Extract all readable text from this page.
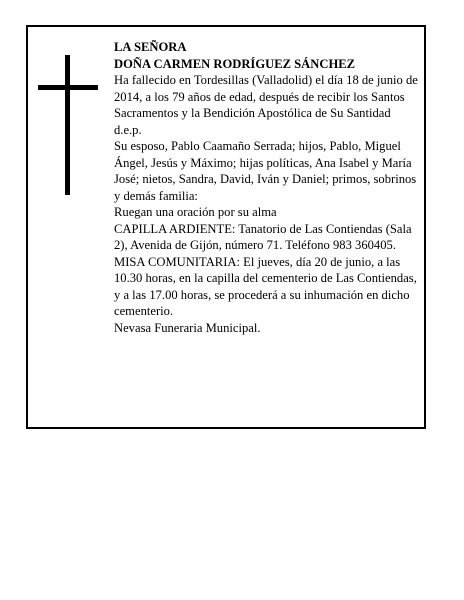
LA SEÑORA

DOÑA CARMEN RODRÍGUEZ SÁNCHEZ

Ha fallecido en Tordesillas (Valladolid) el día 18 de junio de 2014, a los 79 años de edad, después de recibir los Santos Sacramentos y la Bendición Apostólica de Su Santidad

d.e.p.

Su esposo, Pablo Caamaño Serrada; hijos, Pablo, Miguel Ángel, Jesús y Máximo; hijas políticas, Ana Isabel y María José; nietos, Sandra, David, Iván y Daniel; primos, sobrinos y demás familia:

Ruegan una oración por su alma

CAPILLA ARDIENTE: Tanatorio de Las Contiendas (Sala 2), Avenida de Gijón, número 71. Teléfono 983 360405.

MISA COMUNITARIA: El jueves, día 20 de junio, a las 10.30 horas, en la capilla del cementerio de Las Contiendas, y a las 17.00 horas, se procederá a su inhumación en dicho cementerio.

Nevasa Funeraria Municipal.
